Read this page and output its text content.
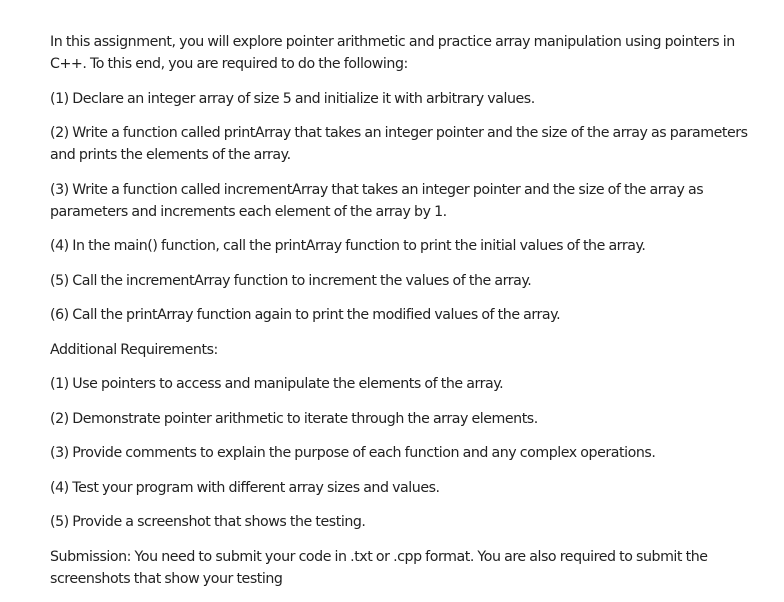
In this assignment, you will explore pointer arithmetic and practice array manipulation using pointers in C++. To this end, you are required to do the following:

(1) Declare an integer array of size 5 and initialize it with arbitrary values.

(2) Write a function called printArray that takes an integer pointer and the size of the array as parameters and prints the elements of the array.

(3) Write a function called incrementArray that takes an integer pointer and the size of the array as parameters and increments each element of the array by 1.

(4) In the main() function, call the printArray function to print the initial values of the array.

(5) Call the incrementArray function to increment the values of the array.

(6) Call the printArray function again to print the modified values of the array.

Additional Requirements:

(1) Use pointers to access and manipulate the elements of the array.

(2) Demonstrate pointer arithmetic to iterate through the array elements.

(3) Provide comments to explain the purpose of each function and any complex operations.

(4) Test your program with different array sizes and values.

(5) Provide a screenshot that shows the testing.

Submission: You need to submit your code in .txt or .cpp format. You are also required to submit the screenshots that show your testing
